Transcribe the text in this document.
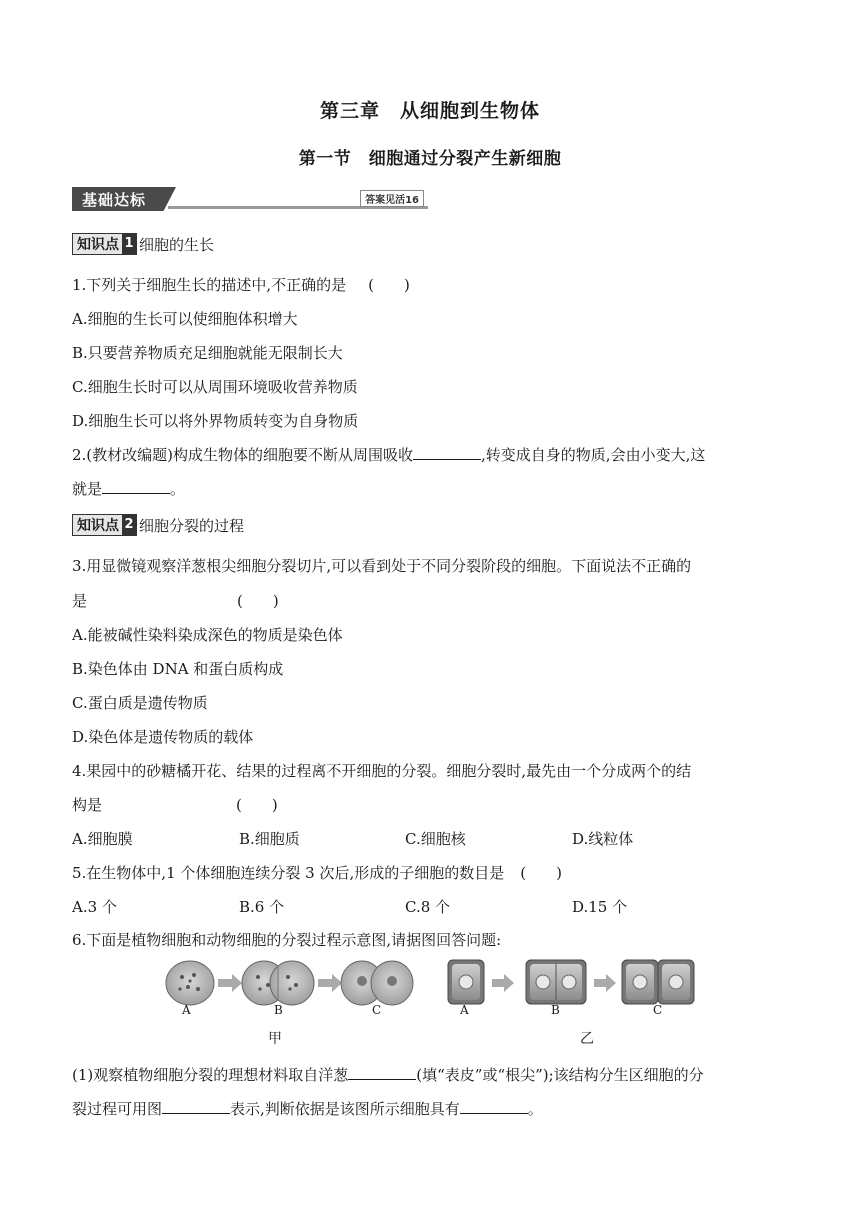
第三章　从细胞到生物体
第一节　细胞通过分裂产生新细胞
基础达标	答案见活16
知识点 1 细胞的生长
1.下列关于细胞生长的描述中,不正确的是 (　　)
A.细胞的生长可以使细胞体积增大
B.只要营养物质充足细胞就能无限制长大
C.细胞生长时可以从周围环境吸收营养物质
D.细胞生长可以将外界物质转变为自身物质
2.(教材改编题)构成生物体的细胞要不断从周围吸收	,转变成自身的物质,会由小变大,这
就是	。
知识点 2 细胞分裂的过程
3.用显微镜观察洋葱根尖细胞分裂切片,可以看到处于不同分裂阶段的细胞。下面说法不正确的
是	(　　)
A.能被碱性染料染成深色的物质是染色体
B.染色体由 DNA 和蛋白质构成
C.蛋白质是遗传物质
D.染色体是遗传物质的载体
4.果园中的砂糖橘开花、结果的过程离不开细胞的分裂。细胞分裂时,最先由一个分成两个的结
构是	(　　)
A.细胞膜	B.细胞质	C.细胞核	D.线粒体
5.在生物体中,1 个体细胞连续分裂 3 次后,形成的子细胞的数目是 (　　)
A.3 个	B.6 个	C.8 个	D.15 个
6.下面是植物细胞和动物细胞的分裂过程示意图,请据图回答问题:
A	B	C	A	B	C
甲	乙
(1)观察植物细胞分裂的理想材料取自洋葱	(填“表皮”或“根尖”);该结构分生区细胞的分
裂过程可用图	表示,判断依据是该图所示细胞具有	。
